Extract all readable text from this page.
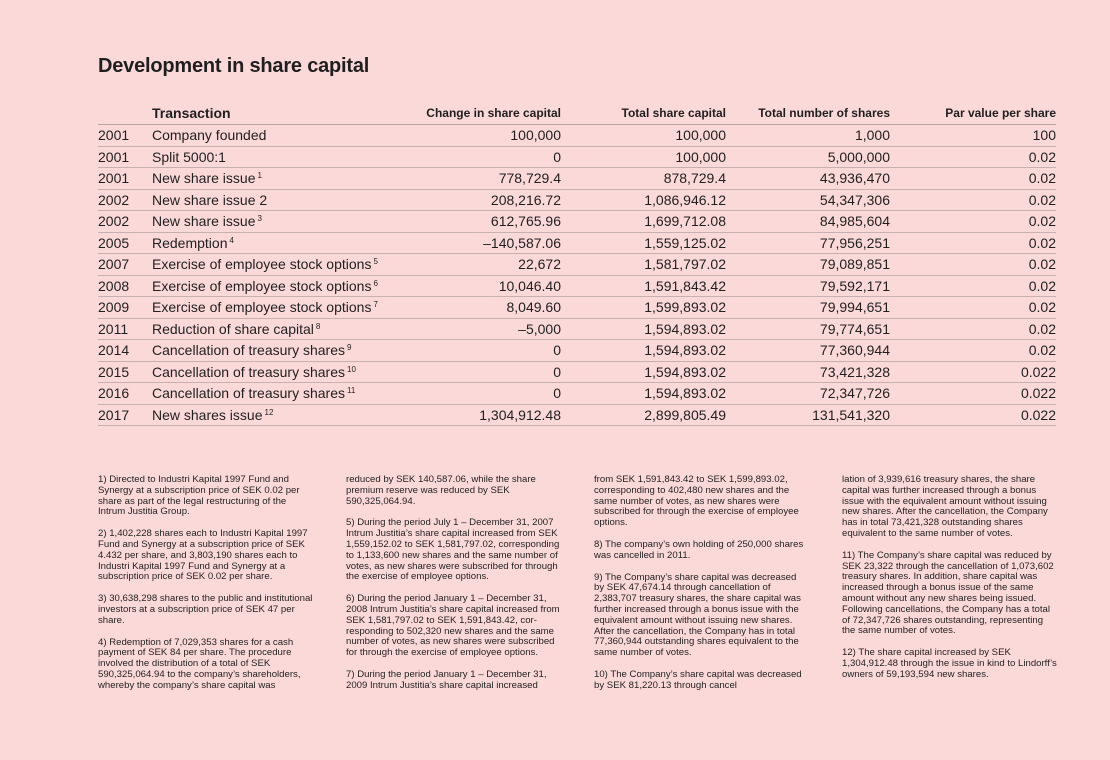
Development in share capital
	Transaction	Change in share capital	Total share capital	Total number of shares	Par value per share
2001	Company founded	100,000	100,000	1,000	100
2001	Split 5000:1	0	100,000	5,000,000	0.02
2001	New share issue $^1$	778,729.4	878,729.4	43,936,470	0.02
2002	New share issue 2	208,216.72	1,086,946.12	54,347,306	0.02
2002	New share issue $^3$	612,765.96	1,699,712.08	84,985,604	0.02
2005	Redemption $^4$	–140,587.06	1,559,125.02	77,956,251	0.02
2007	Exercise of employee stock options $^5$	22,672	1,581,797.02	79,089,851	0.02
2008	Exercise of employee stock options $^6$	10,046.40	1,591,843.42	79,592,171	0.02
2009	Exercise of employee stock options $^7$	8,049.60	1,599,893.02	79,994,651	0.02
2011	Reduction of share capital $^8$	–5,000	1,594,893.02	79,774,651	0.02
2014	Cancellation of treasury shares $^9$	0	1,594,893.02	77,360,944	0.02
2015	Cancellation of treasury shares $^{10}$	0	1,594,893.02	73,421,328	0.022
2016	Cancellation of treasury shares $^{11}$	0	1,594,893.02	72,347,726	0.022
2017	New shares issue $^{12}$	1,304,912.48	2,899,805.49	131,541,320	0.022

1) Directed to Industri Kapital 1997 Fund and Synergy at a subscription price of SEK 0.02 per share as part of the legal restructuring of the Intrum Justitia Group.

2) 1,402,228 shares each to Industri Kapital 1997 Fund and Synergy at a subscription price of SEK 4.432 per share, and 3,803,190 shares each to Industri Kapital 1997 Fund and Synergy at a subscription price of SEK 0.02 per share.

3) 30,638,298 shares to the public and institutional investors at a subscription price of SEK 47 per share.

4) Redemption of 7,029,353 shares for a cash payment of SEK 84 per share. The procedure involved the distribution of a total of SEK 590,325,064.94 to the company’s shareholders, whereby the company’s share capital was

reduced by SEK 140,587.06, while the share premium reserve was reduced by SEK 590,325,064.94.

5) During the period July 1 – December 31, 2007 Intrum Justitia’s share capital increased from SEK 1,559,152.02 to SEK 1,581,797.02, corresponding to 1,133,600 new shares and the same number of votes, as new shares were subscribed for through the exercise of employee options.

6) During the period January 1 – December 31, 2008 Intrum Justitia’s share capital increased from SEK 1,581,797.02 to SEK 1,591,843.42, corresponding to 502,320 new shares and the same number of votes, as new shares were subscribed for through the exercise of employee options.

7) During the period January 1 – December 31, 2009 Intrum Justitia’s share capital increased

from SEK 1,591,843.42 to SEK 1,599,893.02, corresponding to 402,480 new shares and the same number of votes, as new shares were subscribed for through the exercise of employee options.

8) The company’s own holding of 250,000 shares was cancelled in 2011.

9) The Company’s share capital was decreased by SEK 47,674.14 through cancellation of 2,383,707 treasury shares, the share capital was further increased through a bonus issue with the equivalent amount without issuing new shares. After the cancellation, the Company has in total 77,360,944 outstanding shares equivalent to the same number of votes.

10) The Company’s share capital was decreased by SEK 81,220.13 through cancel

lation of 3,939,616 treasury shares, the share capital was further increased through a bonus issue with the equivalent amount without issuing new shares. After the cancellation, the Company has in total 73,421,328 outstanding shares equivalent to the same number of votes.

11) The Company’s share capital was reduced by SEK 23,322 through the cancellation of 1,073,602 treasury shares. In addition, share capital was increased through a bonus issue of the same amount without any new shares being issued. Following cancellations, the Company has a total of 72,347,726 shares outstanding, representing the same number of votes.

12) The share capital increased by SEK 1,304,912.48 through the issue in kind to Lindorff’s owners of 59,193,594 new shares.
